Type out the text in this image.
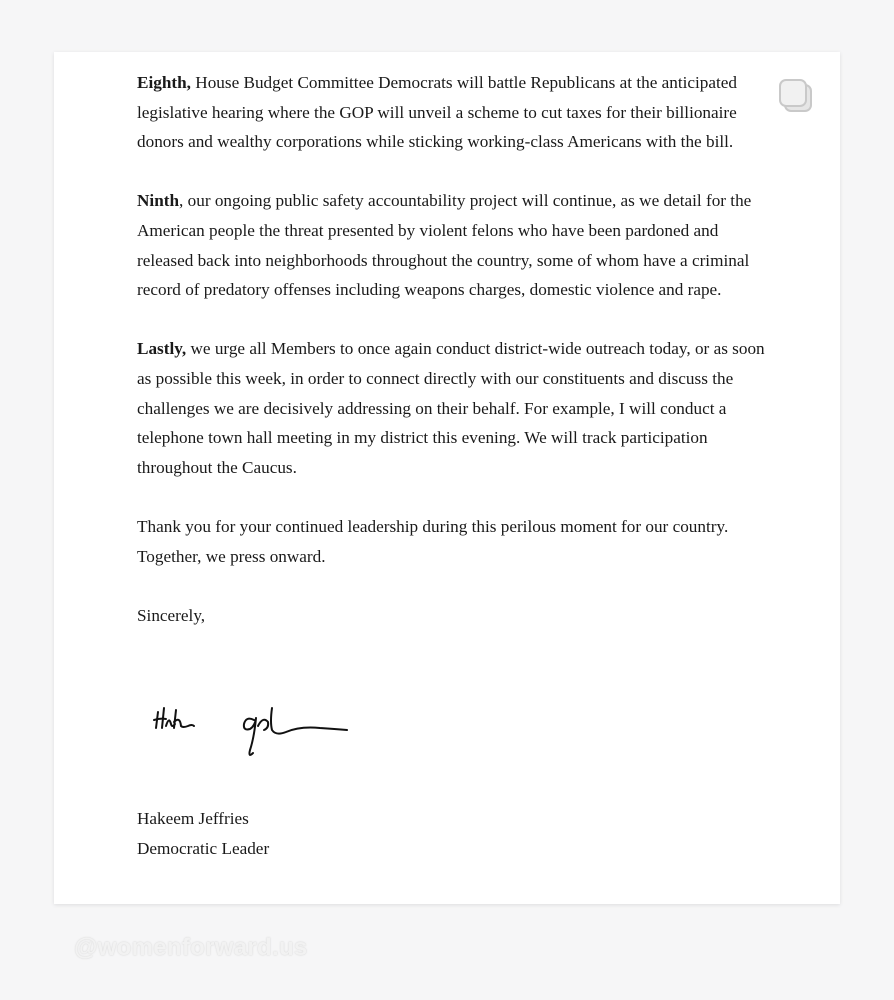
Eighth, House Budget Committee Democrats will battle Republicans at the anticipated legislative hearing where the GOP will unveil a scheme to cut taxes for their billionaire donors and wealthy corporations while sticking working-class Americans with the bill.

Ninth, our ongoing public safety accountability project will continue, as we detail for the American people the threat presented by violent felons who have been pardoned and released back into neighborhoods throughout the country, some of whom have a criminal record of predatory offenses including weapons charges, domestic violence and rape.

Lastly, we urge all Members to once again conduct district-wide outreach today, or as soon as possible this week, in order to connect directly with our constituents and discuss the challenges we are decisively addressing on their behalf. For example, I will conduct a telephone town hall meeting in my district this evening. We will track participation throughout the Caucus.

Thank you for your continued leadership during this perilous moment for our country. Together, we press onward.

Sincerely,

Hakeem Jeffries
Democratic Leader
@womenforward.us
